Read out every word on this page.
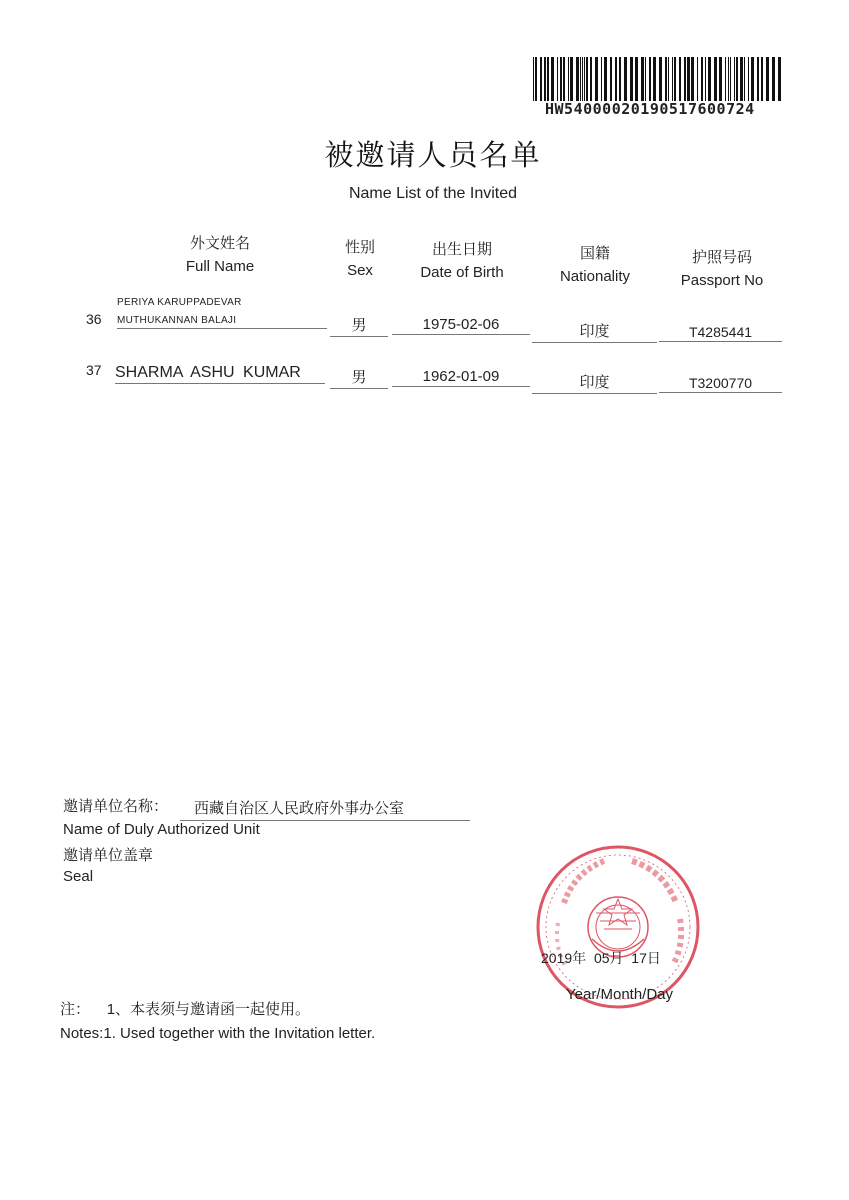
HW54000020190517600724
被邀请人员名单
Name List of the Invited
外文姓名
Full Name
性别
Sex
出生日期
Date of Birth
国籍
Nationality
护照号码
Passport No
36
PERIYA KARUPPADEVAR
MUTHUKANNAN BALAJI	男	1975-02-06	印度	T4285441
37 SHARMA ASHU KUMAR	男	1962-01-09	印度	T3200770
邀请单位名称：	西藏自治区人民政府外事办公室
Name of Duly Authorized Unit
邀请单位盖章
Seal
2019年 05月 17日
Year/Month/Day
注： 1、本表须与邀请函一起使用。
Notes:1. Used together with the Invitation letter.
